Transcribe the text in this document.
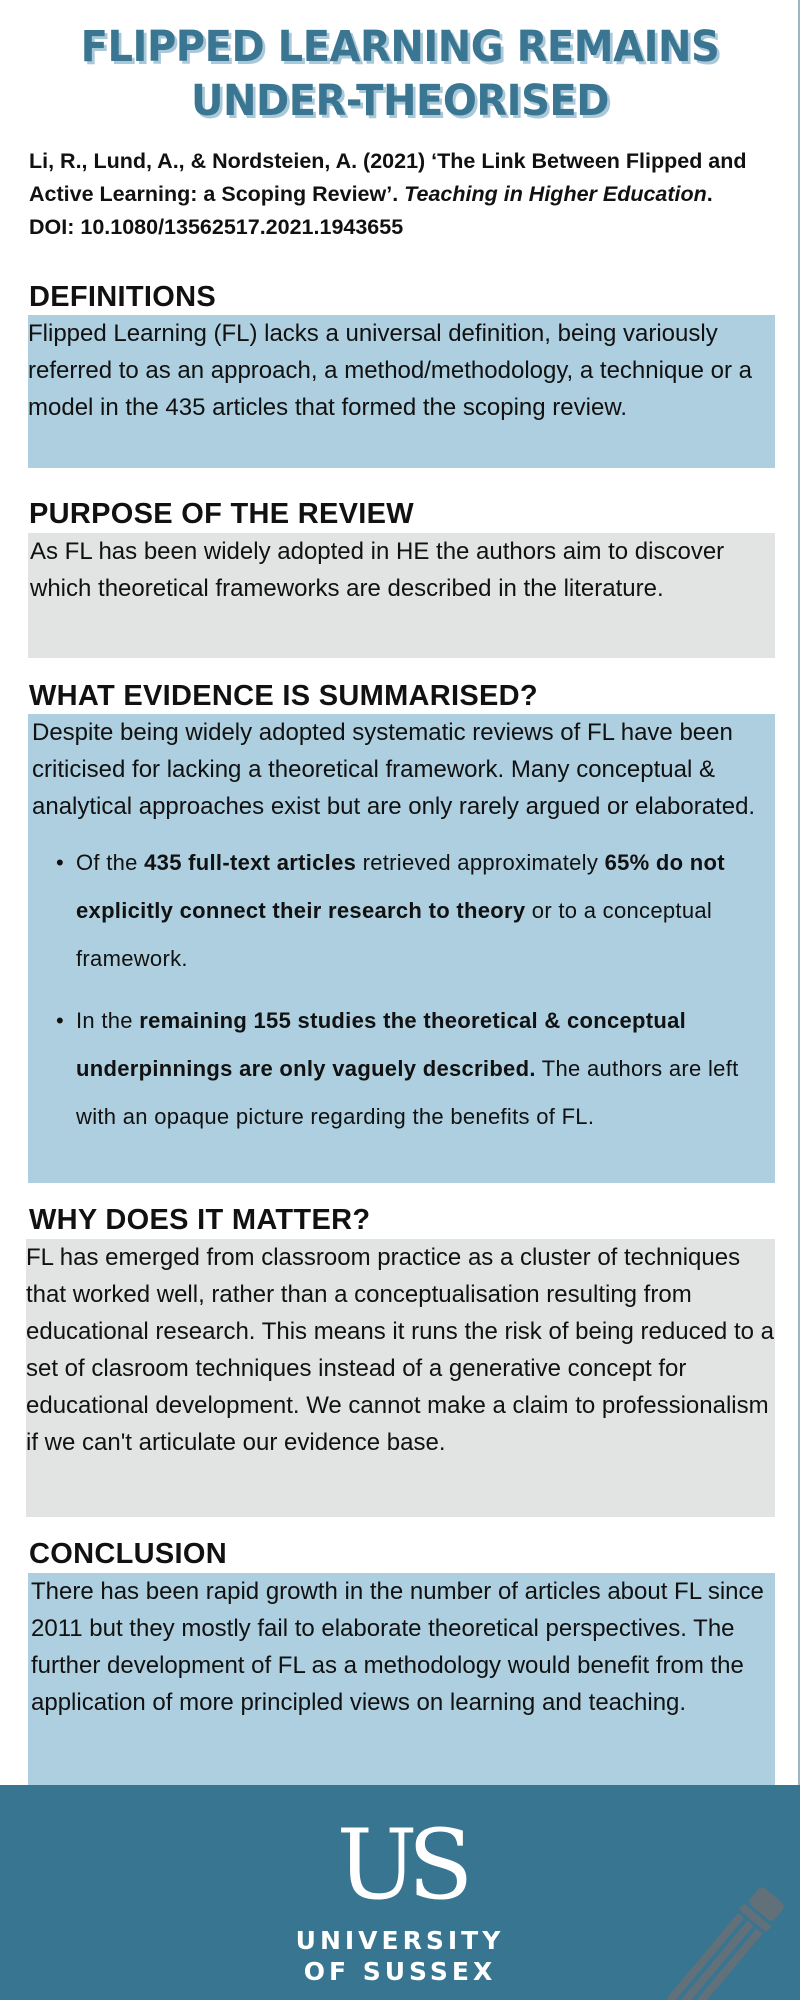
FLIPPED LEARNING REMAINS
UNDER-THEORISED
Li, R., Lund, A., & Nordsteien, A. (2021) ‘The Link Between Flipped and Active Learning: a Scoping Review’. Teaching in Higher Education. DOI: 10.1080/13562517.2021.1943655
DEFINITIONS

Flipped Learning (FL) lacks a universal definition, being variously referred to as an approach, a method/methodology, a technique or a model in the 435 articles that formed the scoping review.

PURPOSE OF THE REVIEW

As FL has been widely adopted in HE the authors aim to discover which theoretical frameworks are described in the literature.

WHAT EVIDENCE IS SUMMARISED?

Despite being widely adopted systematic reviews of FL have been criticised for lacking a theoretical framework. Many conceptual & analytical approaches exist but are only rarely argued or elaborated.

• Of the 435 full-text articles retrieved approximately 65% do not explicitly connect their research to theory or to a conceptual framework.
• In the remaining 155 studies the theoretical & conceptual underpinnings are only vaguely described. The authors are left with an opaque picture regarding the benefits of FL.
WHY DOES IT MATTER?

FL has emerged from classroom practice as a cluster of techniques that worked well, rather than a conceptualisation resulting from educational research. This means it runs the risk of being reduced to a set of clasroom techniques instead of a generative concept for educational development. We cannot make a claim to professionalism if we can't articulate our evidence base.

CONCLUSION

There has been rapid growth in the number of articles about FL since 2011 but they mostly fail to elaborate theoretical perspectives. The further development of FL as a methodology would benefit from the application of more principled views on learning and teaching.

US
UNIVERSITY
OF SUSSEX
